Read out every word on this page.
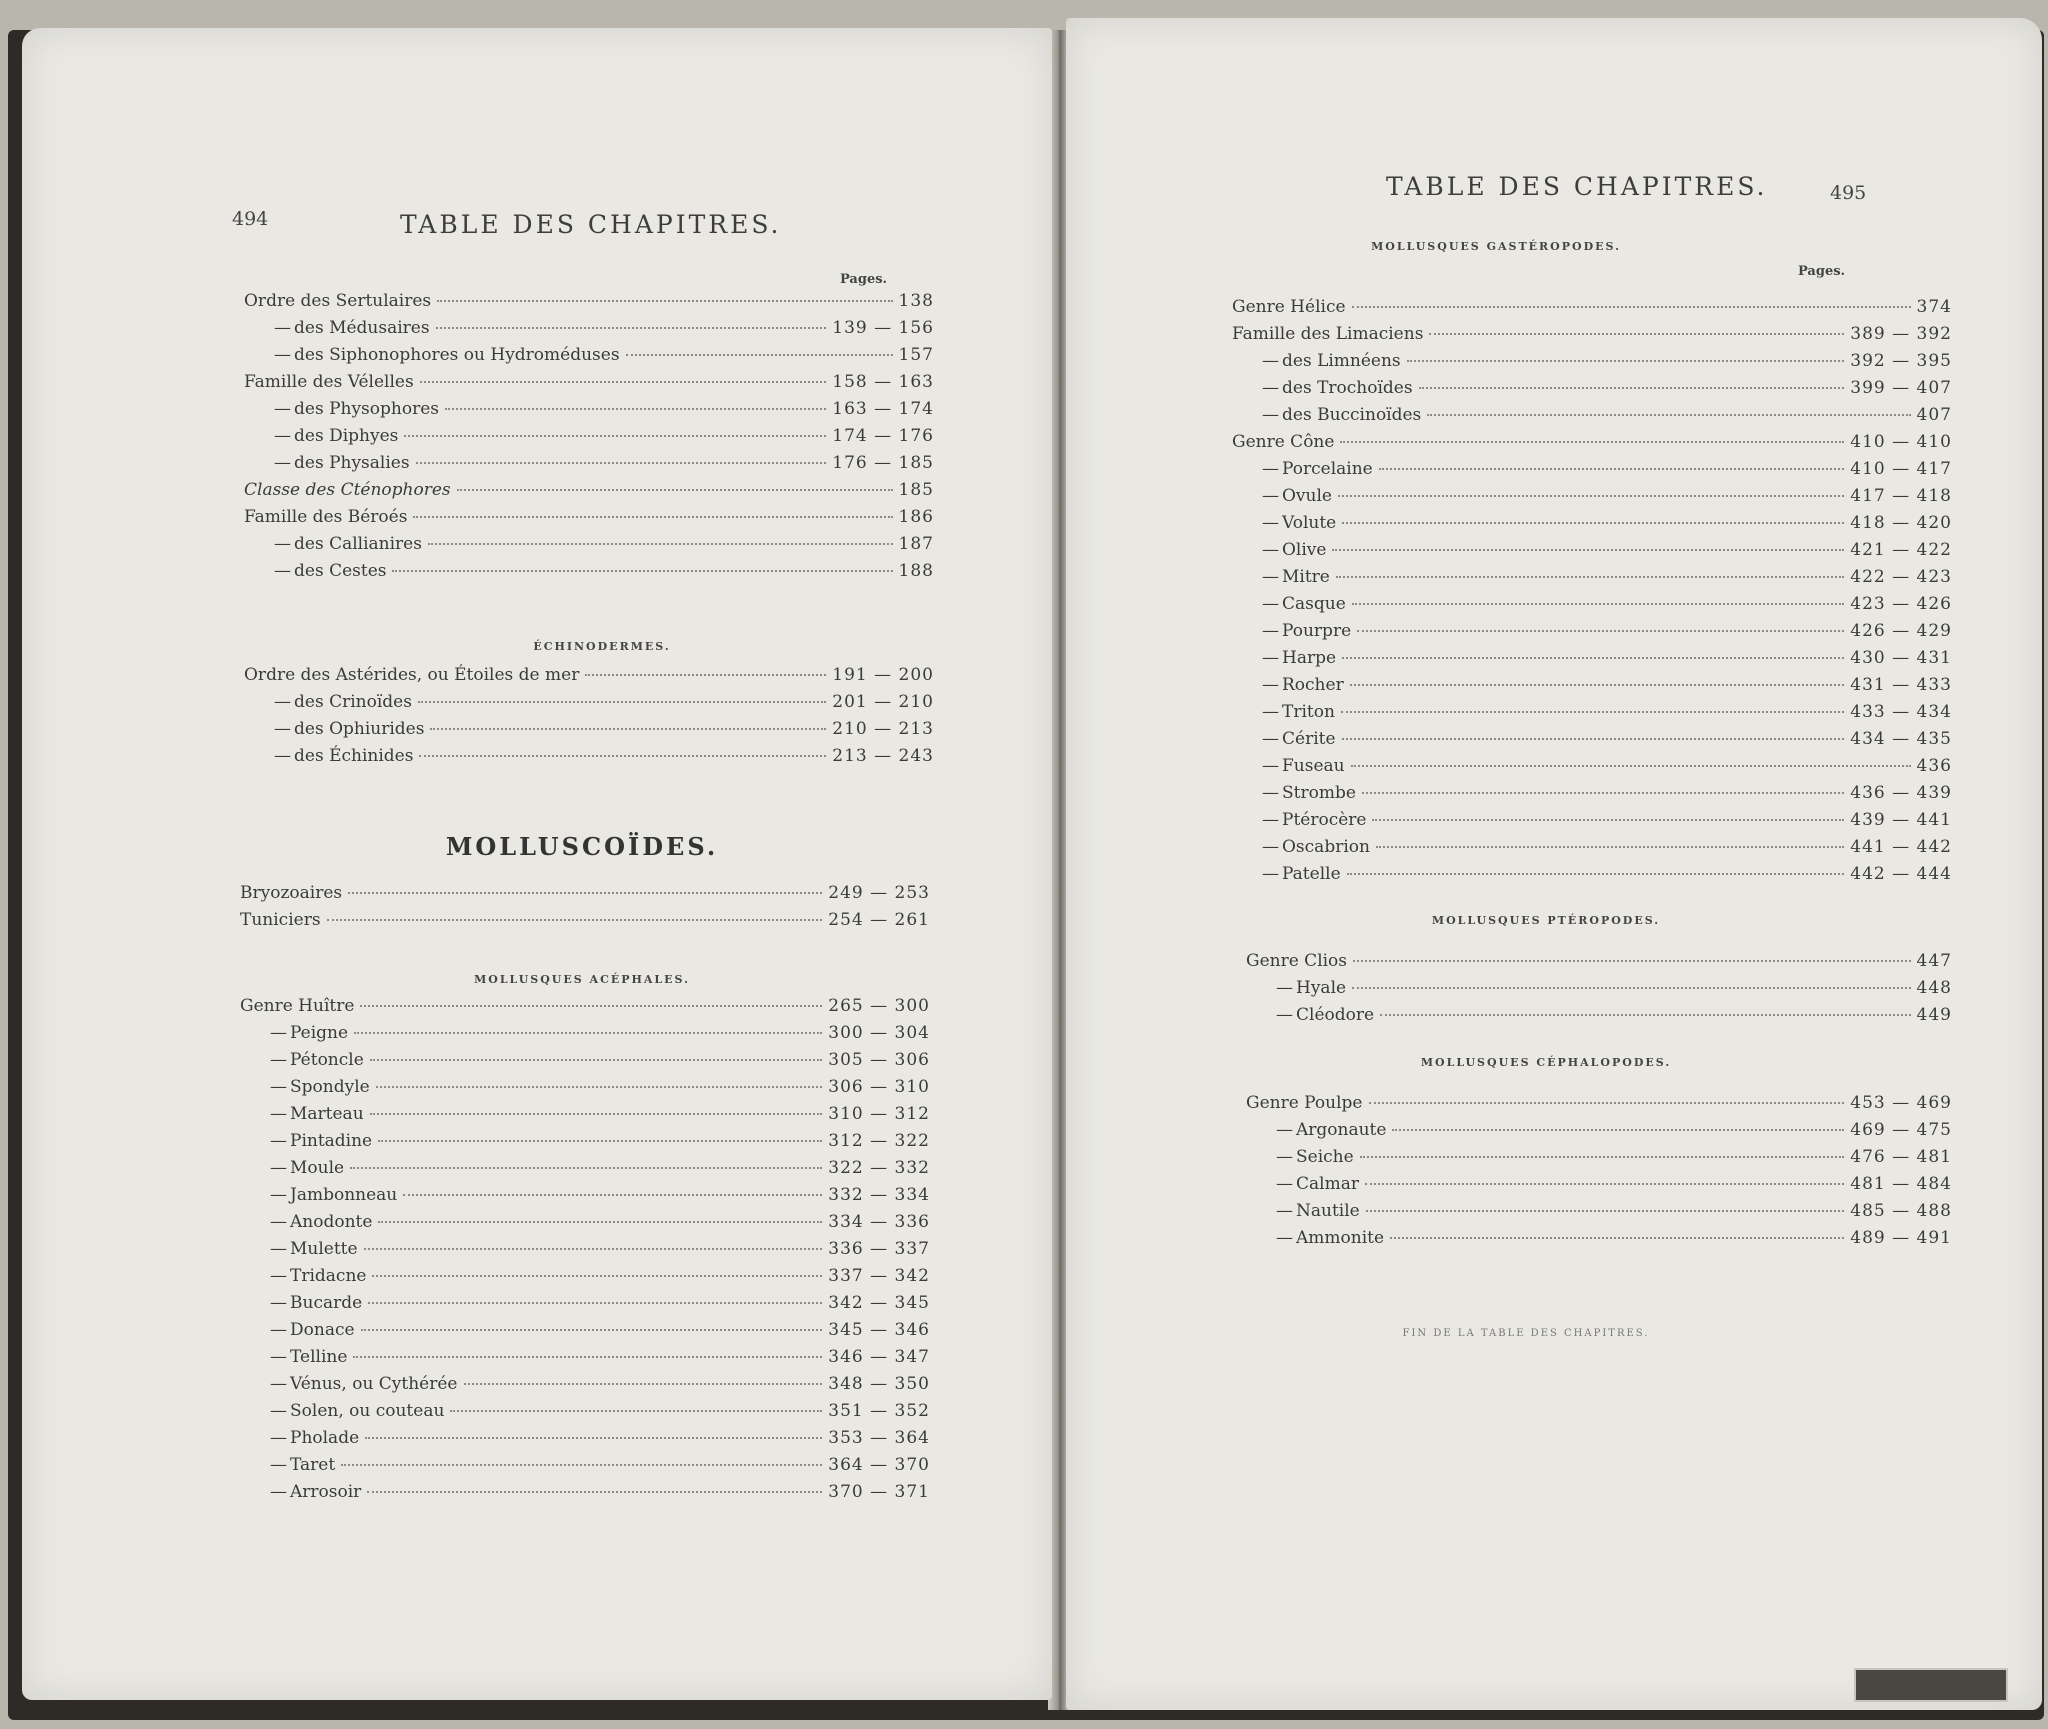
494	TABLE DES CHAPITRES.
Pages.
Ordre des Sertulaires	138
— des Médusaires	139 — 156
— des Siphonophores ou Hydroméduses	157
Famille des Vélelles	158 — 163
— des Physophores	163 — 174
— des Diphyes	174 — 176
— des Physalies	176 — 185
Classe des Cténophores	185
Famille des Béroés	186
— des Callianires	187
— des Cestes	188
ÉCHINODERMES.
Ordre des Astérides, ou Étoiles de mer	191 — 200
— des Crinoïdes	201 — 210
— des Ophiurides	210 — 213
— des Échinides	213 — 243
MOLLUSCOÏDES.
Bryozoaires	249 — 253
Tuniciers	254 — 261
MOLLUSQUES ACÉPHALES.
Genre Huître	265 — 300
— Peigne	300 — 304
— Pétoncle	305 — 306
— Spondyle	306 — 310
— Marteau	310 — 312
— Pintadine	312 — 322
— Moule	322 — 332
— Jambonneau	332 — 334
— Anodonte	334 — 336
— Mulette	336 — 337
— Tridacne	337 — 342
— Bucarde	342 — 345
— Donace	345 — 346
— Telline	346 — 347
— Vénus, ou Cythérée	348 — 350
— Solen, ou couteau	351 — 352
— Pholade	353 — 364
— Taret	364 — 370
— Arrosoir	370 — 371
TABLE DES CHAPITRES.	495
MOLLUSQUES GASTÉROPODES.
Pages.
Genre Hélice	374
Famille des Limaciens	389 — 392
— des Limnéens	392 — 395
— des Trochoïdes	399 — 407
— des Buccinoïdes	407
Genre Cône	410 — 410
— Porcelaine	410 — 417
— Ovule	417 — 418
— Volute	418 — 420
— Olive	421 — 422
— Mitre	422 — 423
— Casque	423 — 426
— Pourpre	426 — 429
— Harpe	430 — 431
— Rocher	431 — 433
— Triton	433 — 434
— Cérite	434 — 435
— Fuseau	436
— Strombe	436 — 439
— Ptérocère	439 — 441
— Oscabrion	441 — 442
— Patelle	442 — 444
MOLLUSQUES PTÉROPODES.
Genre Clios	447
— Hyale	448
— Cléodore	449
MOLLUSQUES CÉPHALOPODES.
Genre Poulpe	453 — 469
— Argonaute	469 — 475
— Seiche	476 — 481
— Calmar	481 — 484
— Nautile	485 — 488
— Ammonite	489 — 491
FIN DE LA TABLE DES CHAPITRES.
